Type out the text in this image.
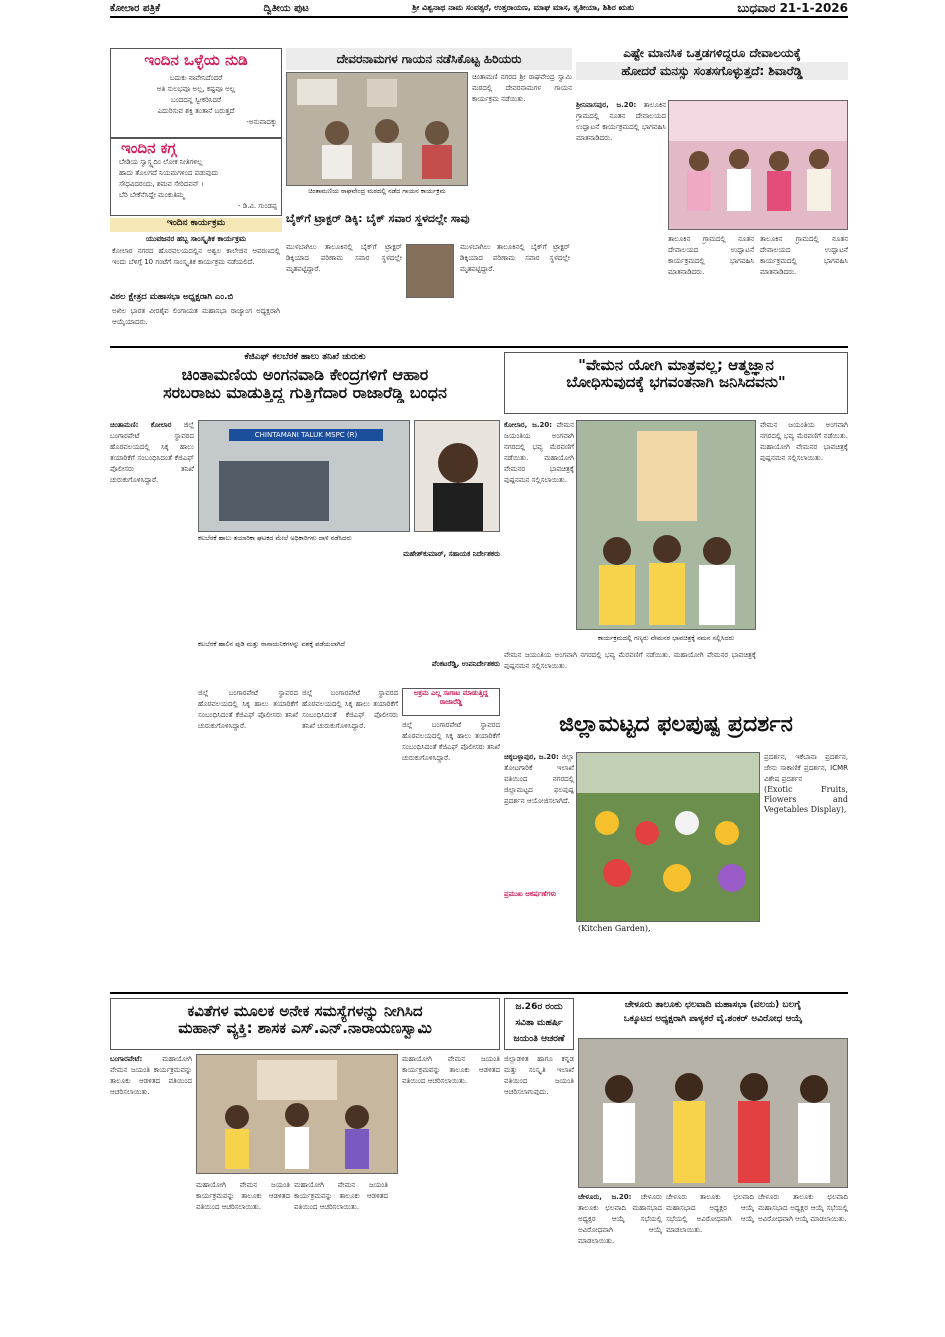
ಕೋಲಾರ ಪತ್ರಿಕೆ	ದ್ವಿತೀಯ ಪುಟ	ಶ್ರೀ ವಿಶ್ವನಾಥ ನಾಮ ಸಂವತ್ಸರೆ, ಉತ್ತರಾಯಣ, ಮಾಘ ಮಾಸ, ತೃತೀಯಾ, ಶಿಶಿರ ಋತು	ಬುಧವಾರ 21-1-2026
ಇಂದಿನ ಒಳ್ಳೆಯ ನುಡಿ
ಬದುಕು ನಾವೇನಿದೆಂದರೆ
ಅತಿ ಸುಲಭವೂ ಅಲ್ಲ, ಕಷ್ಟವೂ ಅಲ್ಲ
ಬಂದದನ್ನ ಸ್ವೀಕರಿಸಿದರೆ
ಎದುರಿಸುವ ಶಕ್ತಿ ತಂತಾನೆ ಬರುತ್ತದೆ
-ಅನುವಾದಕ್ಕು
ಇಂದಿನ ಕಗ್ಗ
ಬೇಡಿಯ ಸ್ವಾಸ್ಥ್ಯದಿಂ ಲೋಕ ನೀತಿಗಳಿಲ್ಲ
ಹಾದು ತೊಲಗದೆ ನಿಯಮಗಳಿಂದ ಪಡುವುದು
ಸೌಧವಿದರಂದು, ಶಮವ ಸೇರಿದವನ್ ।
ಬೆರಿ ಬೇಕೆನೆಸಿದ್ದೇ ಮಂಕುತಿಮ್ಮ
- ಡಿ.ವಿ. ಗುಂಡಪ್ಪ
ಇಂದಿನ ಕಾರ್ಯಕ್ರಮ
ಯುವಜನರ ಹಬ್ಬ ಸಾಂಸ್ಕೃತಿಕ ಕಾರ್ಯಕ್ರಮ
ಕೋಲಾರ ನಗರದ ಹೊರವಲಯದಲ್ಲಿನ ಅಶ್ವಲ ಕಾಲೇಜಿನ ಆವರಣದಲ್ಲಿ ಇಂದು ಬೆಳಿಗ್ಗೆ 10 ಗಂಟೆಗೆ ಸಾಂಸ್ಕೃತಿಕ ಕಾರ್ಯಕ್ರಮ ನಡೆಯಲಿದೆ.
ವಿಠಲ ಕ್ಷೇತ್ರದ ಮಹಾಸಭಾ ಅಧ್ಯಕ್ಷರಾಗಿ ಎಂ.ಬಿ
ಅಖಿಲ ಭಾರತ ವೀರಶೈವ ಲಿಂಗಾಯತ ಮಹಾಸಭಾ ರಾಜ್ಯಾಂಗ ಅಧ್ಯಕ್ಷರಾಗಿ ಆಯ್ಕೆಯಾದರು.
ದೇವರನಾಮಗಳ ಗಾಯನ ನಡೆಸಿಕೊಟ್ಟ ಹಿರಿಯರು
ಚಿಂತಾಮಣಿಯ ರಾಘವೇಂದ್ರ ಮಠದಲ್ಲಿ ನಡೆದ ಗಾಯನ ಕಾರ್ಯಕ್ರಮ
ಚಿಂತಾಮಣಿ ನಗರದ ಶ್ರೀ ರಾಘವೇಂದ್ರ ಸ್ವಾಮಿ ಮಠದಲ್ಲಿ ದೇವರನಾಮಗಳ ಗಾಯನ ಕಾರ್ಯಕ್ರಮ ನಡೆಯಿತು.
ಬೈಕ್‌ಗೆ ಟ್ರಾಕ್ಟರ್ ಡಿಕ್ಕಿ: ಬೈಕ್ ಸವಾರ ಸ್ಥಳದಲ್ಲೇ ಸಾವು
ಮುಳಬಾಗಿಲು ತಾಲೂಕಿನಲ್ಲಿ ಬೈಕ್‌ಗೆ ಟ್ರಾಕ್ಟರ್ ಡಿಕ್ಕಿಯಾದ ಪರಿಣಾಮ ಸವಾರ ಸ್ಥಳದಲ್ಲೇ ಮೃತಪಟ್ಟಿದ್ದಾರೆ.
ಮುಳಬಾಗಿಲು ತಾಲೂಕಿನಲ್ಲಿ ಬೈಕ್‌ಗೆ ಟ್ರಾಕ್ಟರ್ ಡಿಕ್ಕಿಯಾದ ಪರಿಣಾಮ ಸವಾರ ಸ್ಥಳದಲ್ಲೇ ಮೃತಪಟ್ಟಿದ್ದಾರೆ.
ಎಷ್ಟೇ ಮಾನಸಿಕ ಒತ್ತಡಗಳಿದ್ದರೂ ದೇವಾಲಯಕ್ಕೆ
ಹೋದರೆ ಮನಸ್ಸು ಸಂತಸಗೊಳ್ಳುತ್ತದೆ: ಶಿವಾರೆಡ್ಡಿ
ಶ್ರೀನಿವಾಸಪುರ, ಜ.20: ತಾಲೂಕಿನ ಗ್ರಾಮದಲ್ಲಿ ನೂತನ ದೇವಾಲಯದ ಉದ್ಘಾಟನೆ ಕಾರ್ಯಕ್ರಮದಲ್ಲಿ ಭಾಗವಹಿಸಿ ಮಾತನಾಡಿದರು.
ತಾಲೂಕಿನ ಗ್ರಾಮದಲ್ಲಿ ನೂತನ ದೇವಾಲಯದ ಉದ್ಘಾಟನೆ ಕಾರ್ಯಕ್ರಮದಲ್ಲಿ ಭಾಗವಹಿಸಿ ಮಾತನಾಡಿದರು.
ತಾಲೂಕಿನ ಗ್ರಾಮದಲ್ಲಿ ನೂತನ ದೇವಾಲಯದ ಉದ್ಘಾಟನೆ ಕಾರ್ಯಕ್ರಮದಲ್ಲಿ ಭಾಗವಹಿಸಿ ಮಾತನಾಡಿದರು.
ಕೆಜಿಎಫ್ ಕಲಬೆರಕೆ ಹಾಲು ತನಿಖೆ ಚುರುಕು
ಚಿಂತಾಮಣಿಯ ಅಂಗನವಾಡಿ ಕೇಂದ್ರಗಳಿಗೆ ಆಹಾರ
ಸರಬರಾಜು ಮಾಡುತ್ತಿದ್ದ ಗುತ್ತಿಗೆದಾರ ರಾಜಾರೆಡ್ಡಿ ಬಂಧನ
ಚಿಂತಾಮಣಿ: ಕೋಲಾರ ಜಿಲ್ಲೆ ಬಂಗಾರಪೇಟೆ ಸ್ಥಾವರದ ಹೊರವಲಯದಲ್ಲಿ ಸಿಕ್ಕ ಹಾಲು ತಯಾರಿಕೆಗೆ ಸಂಬಂಧಿಸಿದಂತೆ ಕೆಜಿಎಫ್ ಪೊಲೀಸರು ತನಿಖೆ ಚುರುಕುಗೊಳಿಸಿದ್ದಾರೆ.
CHINTAMANI TALUK MSPC (R)
ಕಲಬೆರಕೆ ಹಾಲು ತಯಾರಿಕಾ ಘಟಕದ ಮೇಲೆ ಅಧಿಕಾರಿಗಳು ದಾಳಿ ನಡೆಸಿದರು
ಮಹೇಶ್‌ಕುಮಾರ್, ಸಹಾಯಕ ನಿರ್ದೇಶಕರು
ಕಲಬೆರಕೆ ಹಾಲಿನ ಪುಡಿ ಮತ್ತು ರಾಸಾಯನಿಕಗಳನ್ನು ವಶಕ್ಕೆ ಪಡೆಯಲಾಗಿದೆ
ವೆಂಕಟರೆಡ್ಡಿ, ಉಪನಿರ್ದೇಶಕರು
ಜಿಲ್ಲೆ ಬಂಗಾರಪೇಟೆ ಸ್ಥಾವರದ ಹೊರವಲಯದಲ್ಲಿ ಸಿಕ್ಕ ಹಾಲು ತಯಾರಿಕೆಗೆ ಸಂಬಂಧಿಸಿದಂತೆ ಕೆಜಿಎಫ್ ಪೊಲೀಸರು ತನಿಖೆ ಚುರುಕುಗೊಳಿಸಿದ್ದಾರೆ.
ಜಿಲ್ಲೆ ಬಂಗಾರಪೇಟೆ ಸ್ಥಾವರದ ಹೊರವಲಯದಲ್ಲಿ ಸಿಕ್ಕ ಹಾಲು ತಯಾರಿಕೆಗೆ ಸಂಬಂಧಿಸಿದಂತೆ ಕೆಜಿಎಫ್ ಪೊಲೀಸರು ತನಿಖೆ ಚುರುಕುಗೊಳಿಸಿದ್ದಾರೆ.
ಅಕ್ರಮ ಎಲ್ಲ ಸಾಗಾಟ ಮಾಡುತ್ತಿದ್ದ ರಾಜಾರೆಡ್ಡಿ
ಜಿಲ್ಲೆ ಬಂಗಾರಪೇಟೆ ಸ್ಥಾವರದ ಹೊರವಲಯದಲ್ಲಿ ಸಿಕ್ಕ ಹಾಲು ತಯಾರಿಕೆಗೆ ಸಂಬಂಧಿಸಿದಂತೆ ಕೆಜಿಎಫ್ ಪೊಲೀಸರು ತನಿಖೆ ಚುರುಕುಗೊಳಿಸಿದ್ದಾರೆ.
"ವೇಮನ ಯೋಗಿ ಮಾತ್ರವಲ್ಲ; ಆತ್ಮಜ್ಞಾನ
ಬೋಧಿಸುವುದಕ್ಕೆ ಭಗವಂತನಾಗಿ ಜನಿಸಿದವನು"
ಕೋಲಾರ, ಜ.20: ವೇಮನ ಜಯಂತಿಯ ಅಂಗವಾಗಿ ನಗರದಲ್ಲಿ ಭವ್ಯ ಮೆರವಣಿಗೆ ನಡೆಯಿತು. ಮಹಾಯೋಗಿ ವೇಮನರ ಭಾವಚಿತ್ರಕ್ಕೆ ಪುಷ್ಪನಮನ ಸಲ್ಲಿಸಲಾಯಿತು.
ವೇಮನ ಜಯಂತಿಯ ಅಂಗವಾಗಿ ನಗರದಲ್ಲಿ ಭವ್ಯ ಮೆರವಣಿಗೆ ನಡೆಯಿತು. ಮಹಾಯೋಗಿ ವೇಮನರ ಭಾವಚಿತ್ರಕ್ಕೆ ಪುಷ್ಪನಮನ ಸಲ್ಲಿಸಲಾಯಿತು.
ಕಾರ್ಯಕ್ರಮದಲ್ಲಿ ಗಣ್ಯರು ವೇಮನರ ಭಾವಚಿತ್ರಕ್ಕೆ ನಮನ ಸಲ್ಲಿಸಿದರು
ವೇಮನ ಜಯಂತಿಯ ಅಂಗವಾಗಿ ನಗರದಲ್ಲಿ ಭವ್ಯ ಮೆರವಣಿಗೆ ನಡೆಯಿತು. ಮಹಾಯೋಗಿ ವೇಮನರ ಭಾವಚಿತ್ರಕ್ಕೆ ಪುಷ್ಪನಮನ ಸಲ್ಲಿಸಲಾಯಿತು.
ಜಿಲ್ಲಾಮಟ್ಟದ ಫಲಪುಷ್ಪ ಪ್ರದರ್ಶನ
ಚಿಕ್ಕಬಳ್ಳಾಪುರ, ಜ.20: ಜಿಲ್ಲಾ ತೋಟಗಾರಿಕೆ ಇಲಾಖೆ ವತಿಯಿಂದ ನಗರದಲ್ಲಿ ಜಿಲ್ಲಾಮಟ್ಟದ ಫಲಪುಷ್ಪ ಪ್ರದರ್ಶನ ಆಯೋಜಿಸಲಾಗಿದೆ.
ಪ್ರಮುಖ ಆಕರ್ಷಣೆಗಳು
ಪ್ರದರ್ಶನ, ಇಕೆಬಾನಾ ಪ್ರದರ್ಶನ, ಜೇನು ಸಾಕಾಣಿಕೆ ಪ್ರದರ್ಶನ, ICMR ವಿಶೇಷ ಪ್ರದರ್ಶನ
(Exotic Fruits, Flowers and Vegetables Display),
(Kitchen Garden),
ಕವಿತೆಗಳ ಮೂಲಕ ಅನೇಕ ಸಮಸ್ಯೆಗಳನ್ನು ನೀಗಿಸಿದ
ಮಹಾನ್ ವ್ಯಕ್ತಿ: ಶಾಸಕ ಎಸ್.ಎನ್.ನಾರಾಯಣಸ್ವಾಮಿ
ಬಂಗಾರಪೇಟೆ:	ಮಹಾಯೋಗಿ ವೇಮನ ಜಯಂತಿ ಕಾರ್ಯಕ್ರಮವನ್ನು ತಾಲೂಕು ಆಡಳಿತದ ವತಿಯಿಂದ ಆಚರಿಸಲಾಯಿತು.
ಮಹಾಯೋಗಿ ವೇಮನ ಜಯಂತಿ ಕಾರ್ಯಕ್ರಮವನ್ನು ತಾಲೂಕು ಆಡಳಿತದ ವತಿಯಿಂದ ಆಚರಿಸಲಾಯಿತು.
ಮಹಾಯೋಗಿ ವೇಮನ ಜಯಂತಿ ಕಾರ್ಯಕ್ರಮವನ್ನು ತಾಲೂಕು ಆಡಳಿತದ ವತಿಯಿಂದ ಆಚರಿಸಲಾಯಿತು.
ಮಹಾಯೋಗಿ ವೇಮನ ಜಯಂತಿ ಕಾರ್ಯಕ್ರಮವನ್ನು ತಾಲೂಕು ಆಡಳಿತದ ವತಿಯಿಂದ ಆಚರಿಸಲಾಯಿತು.
ಜ.26ರ ರಂದು
ಸವಿತಾ ಮಹರ್ಷಿ
ಜಯಂತಿ ಆಚರಣೆ
ಜಿಲ್ಲಾಡಳಿತ ಹಾಗೂ ಕನ್ನಡ ಮತ್ತು ಸಂಸ್ಕೃತಿ ಇಲಾಖೆ ವತಿಯಿಂದ ಜಯಂತಿ ಆಚರಿಸಲಾಗುವುದು.
ಚೇಳೂರು ತಾಲೂಕು ಛಲವಾದಿ ಮಹಾಸಭಾ (ವಲಯ) ಬಲಗೈ
ಒಕ್ಕೂಟದ ಅಧ್ಯಕ್ಷರಾಗಿ ಪಾಳ್ಯಕರೆ ವೈ.ಶಂಕರ್ ಅವಿರೋಧ ಆಯ್ಕೆ
ಚೇಳೂರು, ಜ.20: ಚೇಳೂರು ತಾಲೂಕು ಛಲವಾದಿ ಮಹಾಸಭಾದ ಅಧ್ಯಕ್ಷರ ಆಯ್ಕೆ ಸಭೆಯಲ್ಲಿ ಅವಿರೋಧವಾಗಿ ಆಯ್ಕೆ ಮಾಡಲಾಯಿತು.
ಚೇಳೂರು ತಾಲೂಕು ಛಲವಾದಿ ಮಹಾಸಭಾದ ಅಧ್ಯಕ್ಷರ ಆಯ್ಕೆ ಸಭೆಯಲ್ಲಿ ಅವಿರೋಧವಾಗಿ ಆಯ್ಕೆ ಮಾಡಲಾಯಿತು.
ಚೇಳೂರು ತಾಲೂಕು ಛಲವಾದಿ ಮಹಾಸಭಾದ ಅಧ್ಯಕ್ಷರ ಆಯ್ಕೆ ಸಭೆಯಲ್ಲಿ ಅವಿರೋಧವಾಗಿ ಆಯ್ಕೆ ಮಾಡಲಾಯಿತು.
